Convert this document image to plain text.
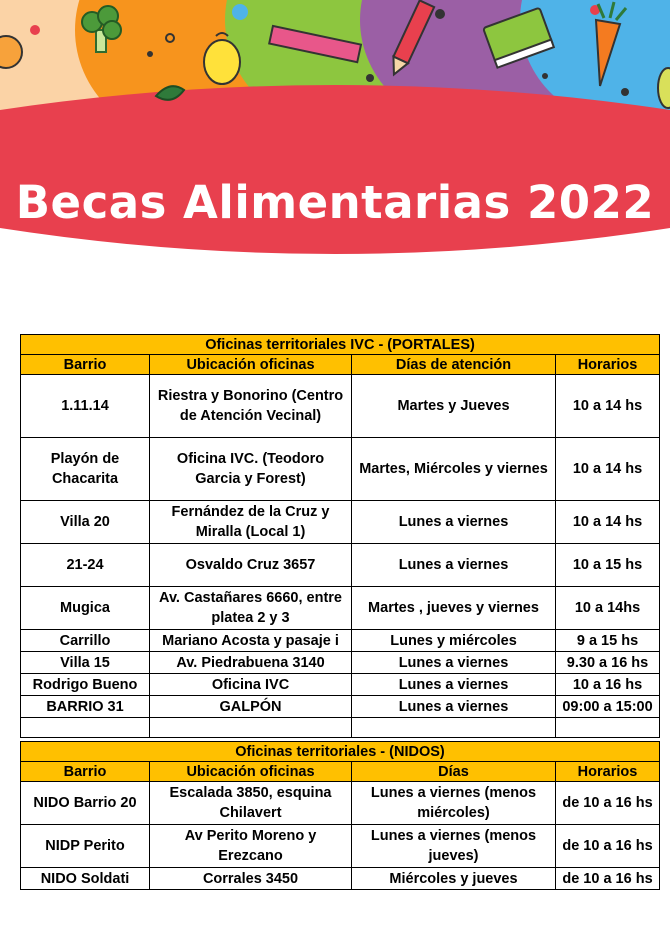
Becas Alimentarias 2022
Oficinas territoriales IVC - (PORTALES)			
Barrio	Ubicación oficinas	Días de atención	Horarios
1.11.14	Riestra y Bonorino (Centro de Atención Vecinal)	Martes y Jueves	10 a 14 hs
Playón de Chacarita	Oficina IVC. (Teodoro Garcia y Forest)	Martes, Miércoles y viernes	10 a 14 hs
Villa 20	Fernández de la Cruz y Miralla (Local 1)	Lunes a viernes	10 a 14 hs
21-24	Osvaldo Cruz 3657	Lunes a viernes	10 a 15 hs
Mugica	Av. Castañares 6660, entre platea 2 y 3	Martes , jueves y viernes	10 a 14hs
Carrillo	Mariano Acosta y pasaje i	Lunes y miércoles	9 a 15 hs
Villa 15	Av. Piedrabuena 3140	Lunes a viernes	9.30 a 16 hs
Rodrigo Bueno	Oficina IVC	Lunes a viernes	10 a 16 hs
BARRIO 31	GALPÓN	Lunes a viernes	09:00 a 15:00

Oficinas territoriales - (NIDOS)			
Barrio	Ubicación oficinas	Días	Horarios
NIDO Barrio 20	Escalada 3850, esquina Chilavert	Lunes a viernes (menos miércoles)	de 10 a 16 hs
NIDP Perito	Av Perito Moreno y Erezcano	Lunes a viernes (menos jueves)	de 10 a 16 hs
NIDO Soldati	Corrales 3450	Miércoles y jueves	de 10 a 16 hs
